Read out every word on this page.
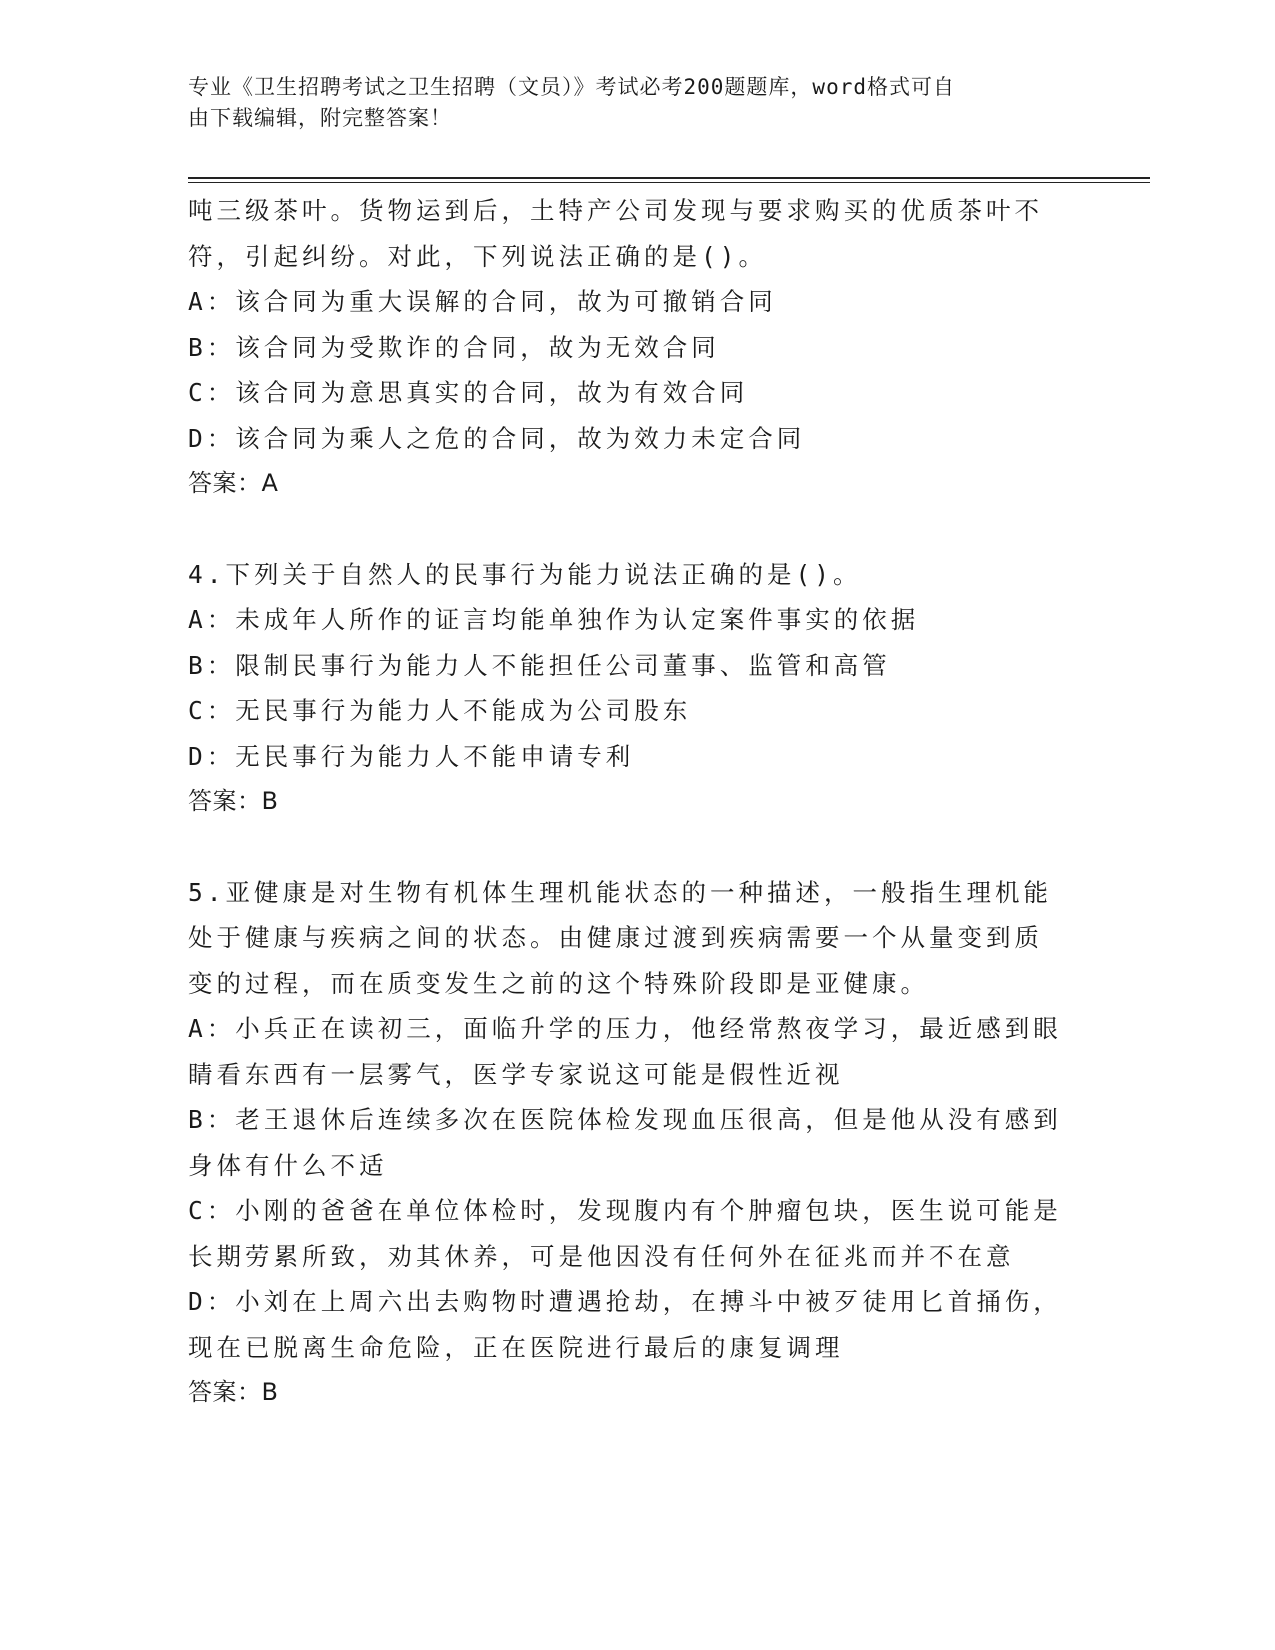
专业《卫生招聘考试之卫生招聘（文员）》考试必考200题题库，word格式可自
由下载编辑，附完整答案！
吨三级茶叶。货物运到后，土特产公司发现与要求购买的优质茶叶不
符，引起纠纷。对此，下列说法正确的是()。
A：该合同为重大误解的合同，故为可撤销合同
B：该合同为受欺诈的合同，故为无效合同
C：该合同为意思真实的合同，故为有效合同
D：该合同为乘人之危的合同，故为效力未定合同
答案：A
4.下列关于自然人的民事行为能力说法正确的是()。
A：未成年人所作的证言均能单独作为认定案件事实的依据
B：限制民事行为能力人不能担任公司董事、监管和高管
C：无民事行为能力人不能成为公司股东
D：无民事行为能力人不能申请专利
答案：B
5.亚健康是对生物有机体生理机能状态的一种描述，一般指生理机能
处于健康与疾病之间的状态。由健康过渡到疾病需要一个从量变到质
变的过程，而在质变发生之前的这个特殊阶段即是亚健康。
A：小兵正在读初三，面临升学的压力，他经常熬夜学习，最近感到眼
睛看东西有一层雾气，医学专家说这可能是假性近视
B：老王退休后连续多次在医院体检发现血压很高，但是他从没有感到
身体有什么不适
C：小刚的爸爸在单位体检时，发现腹内有个肿瘤包块，医生说可能是
长期劳累所致，劝其休养，可是他因没有任何外在征兆而并不在意
D：小刘在上周六出去购物时遭遇抢劫，在搏斗中被歹徒用匕首捅伤，
现在已脱离生命危险，正在医院进行最后的康复调理
答案：B
